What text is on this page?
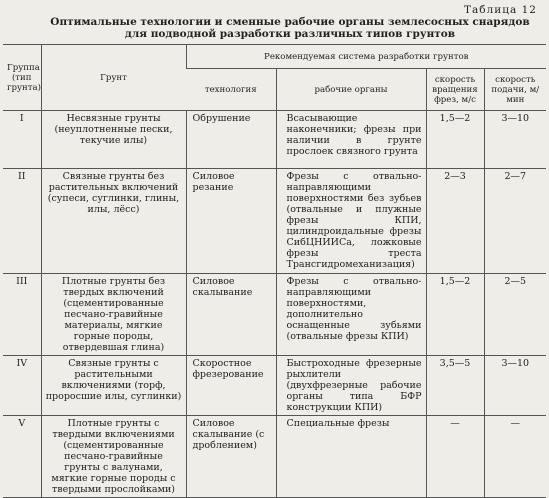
Таблица 12
Оптимальные технологии и сменные рабочие органы землесосных снарядов для подводной разработки различных типов грунтов
Группа (тип грунта)	Грунт	Рекомендуемая система разработки грунтов			
		технология	рабочие органы	скорость вращения фрез, м/с	скорость подачи, м/мин
I	Несвязные грунты (неуплотненные пески, текучие илы)	Обрушение	Всасывающие наконечники; фрезы при наличии в грунте прослоек связного грунта	1,5—2	3—10
II	Связные грунты без растительных включений (супеси, суглинки, глины, илы, лёсс)	Силовое резание	Фрезы с отвально-направляющими поверхностями без зубьев (отвальные и плужные фрезы КПИ, цилиндроидальные фрезы СибЦНИИСа, ложковые фрезы треста Трансгидромеханизация)	2—3	2—7
III	Плотные грунты без твердых включений (сцементированные песчано-гравийные материалы, мягкие горные породы, отвердевшая глина)	Силовое скалывание	Фрезы с отвально-направляющими поверхностями, дополнительно оснащенные зубьями (отвальные фрезы КПИ)	1,5—2	2—5
IV	Связные грунты с растительными включениями (торф, проросшие илы, суглинки)	Скоростное фрезерование	Быстроходные фрезерные рыхлители (двухфрезерные рабочие органы типа БФР конструкции КПИ)	3,5—5	3—10
V	Плотные грунты с твердыми включениями (сцементированные песчано-гравийные грунты с валунами, мягкие горные породы с твердыми прослойками)	Силовое скалывание (с дроблением)	Специальные фрезы	—	—
